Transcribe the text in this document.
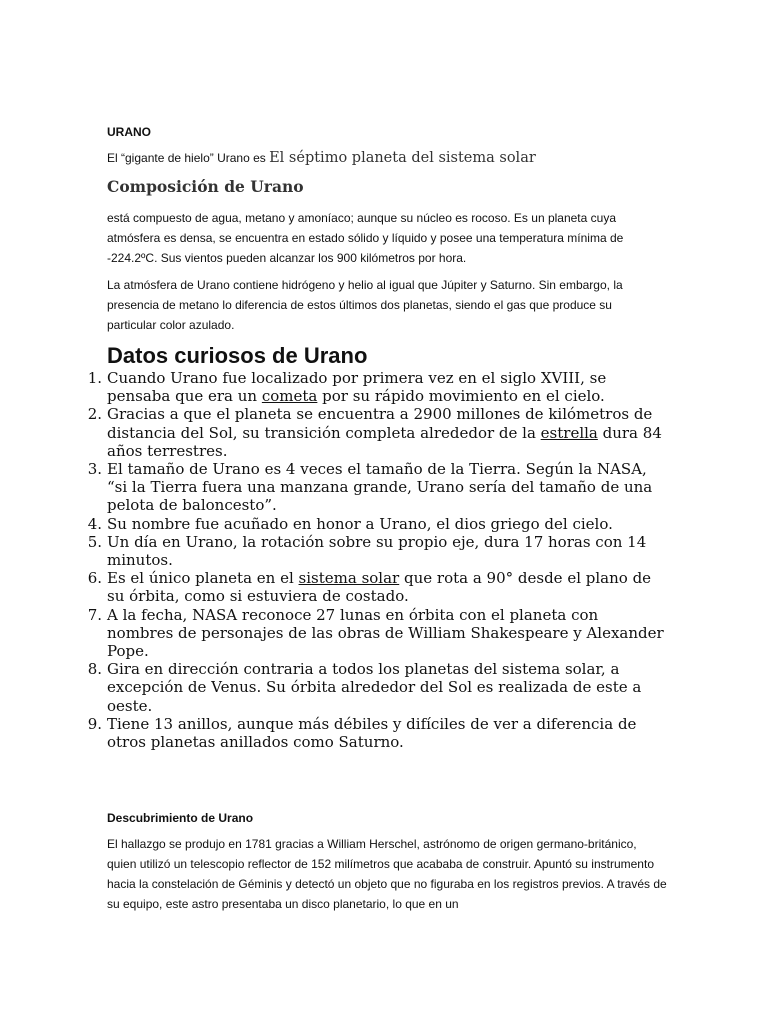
URANO

El “gigante de hielo” Urano es El séptimo planeta del sistema solar

Composición de Urano

está compuesto de agua, metano y amoníaco; aunque su núcleo es rocoso. Es un planeta cuya atmósfera es densa, se encuentra en estado sólido y líquido y posee una temperatura mínima de -224.2ºC. Sus vientos pueden alcanzar los 900 kilómetros por hora.

La atmósfera de Urano contiene hidrógeno y helio al igual que Júpiter y Saturno. Sin embargo, la presencia de metano lo diferencia de estos últimos dos planetas, siendo el gas que produce su particular color azulado.

Datos curiosos de Urano
1. Cuando Urano fue localizado por primera vez en el siglo XVIII, se pensaba que era un cometa por su rápido movimiento en el cielo.
2. Gracias a que el planeta se encuentra a 2900 millones de kilómetros de distancia del Sol, su transición completa alrededor de la estrella dura 84 años terrestres.
3. El tamaño de Urano es 4 veces el tamaño de la Tierra. Según la NASA, “si la Tierra fuera una manzana grande, Urano sería del tamaño de una pelota de baloncesto”.
4. Su nombre fue acuñado en honor a Urano, el dios griego del cielo.
5. Un día en Urano, la rotación sobre su propio eje, dura 17 horas con 14 minutos.
6. Es el único planeta en el sistema solar que rota a 90° desde el plano de su órbita, como si estuviera de costado.
7. A la fecha, NASA reconoce 27 lunas en órbita con el planeta con nombres de personajes de las obras de William Shakespeare y Alexander Pope.
8. Gira en dirección contraria a todos los planetas del sistema solar, a excepción de Venus. Su órbita alrededor del Sol es realizada de este a oeste.
9. Tiene 13 anillos, aunque más débiles y difíciles de ver a diferencia de otros planetas anillados como Saturno.
Descubrimiento de Urano

El hallazgo se produjo en 1781 gracias a William Herschel, astrónomo de origen germano-británico, quien utilizó un telescopio reflector de 152 milímetros que acababa de construir. Apuntó su instrumento hacia la constelación de Géminis y detectó un objeto que no figuraba en los registros previos. A través de su equipo, este astro presentaba un disco planetario, lo que en un
